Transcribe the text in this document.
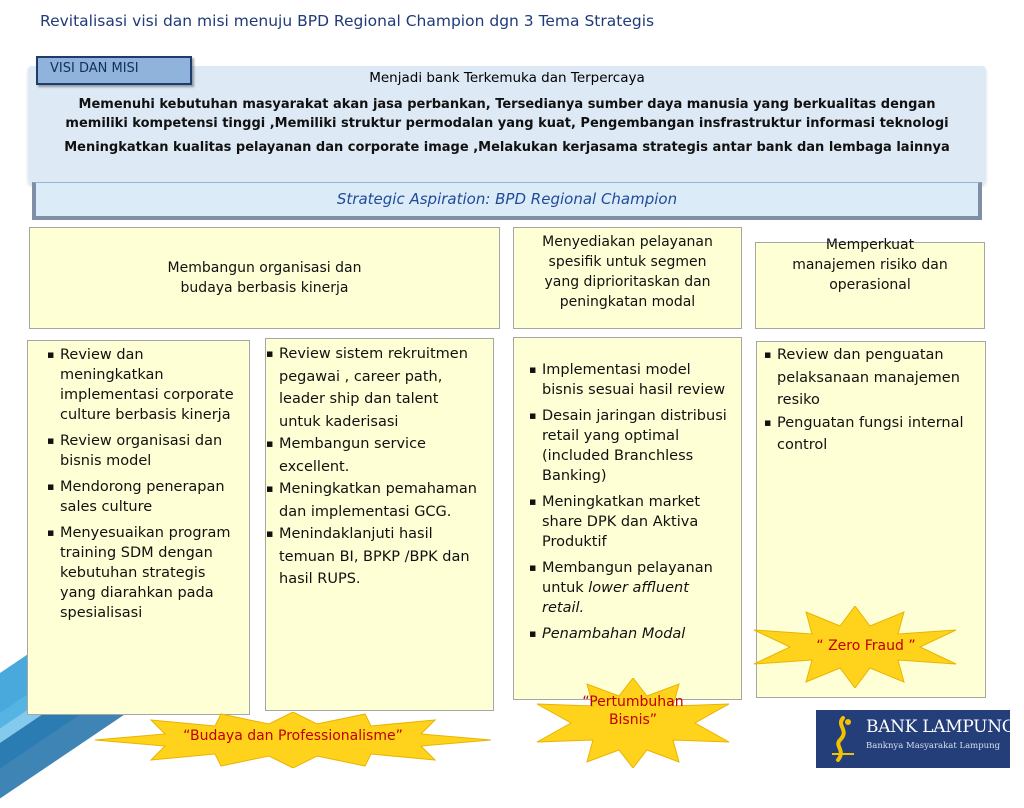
Revitalisasi visi dan misi menuju BPD Regional Champion dgn 3 Tema Strategis
VISI DAN MISI
Menjadi bank Terkemuka dan Terpercaya
Memenuhi kebutuhan masyarakat akan jasa perbankan, Tersedianya sumber daya manusia yang berkualitas dengan
memiliki kompetensi tinggi ,Memiliki struktur permodalan yang kuat, Pengembangan insfrastruktur informasi teknologi
Meningkatkan kualitas pelayanan dan corporate image ,Melakukan kerjasama strategis antar bank dan lembaga lainnya
Strategic Aspiration: BPD Regional Champion
Membangun organisasi dan
budaya berbasis kinerja
Menyediakan pelayanan
spesifik untuk segmen
yang diprioritaskan dan
peningkatan modal
Memperkuat
manajemen risiko dan
operasional
▪ Review dan meningkatkan implementasi corporate culture berbasis kinerja
▪ Review organisasi dan bisnis model
▪ Mendorong penerapan sales culture
▪ Menyesuaikan program training SDM dengan kebutuhan strategis yang diarahkan pada spesialisasi
▪ Review sistem rekruitmen pegawai , career path, leader ship dan talent untuk kaderisasi
▪ Membangun service excellent.
▪ Meningkatkan pemahaman dan implementasi GCG.
▪ Menindaklanjuti hasil temuan BI, BPKP /BPK dan hasil RUPS.
▪ Implementasi model bisnis sesuai hasil review
▪ Desain jaringan distribusi retail yang optimal (included Branchless Banking)
▪ Meningkatkan market share DPK dan Aktiva Produktif
▪ Membangun pelayanan untuk lower affluent retail.
▪ Penambahan Modal
▪ Review dan penguatan pelaksanaan manajemen resiko
▪ Penguatan fungsi internal control
“ Zero Fraud ”
“Pertumbuhan
Bisnis”
“Budaya dan Professionalisme”	BANK LAMPUNG
Banknya Masyarakat Lampung
